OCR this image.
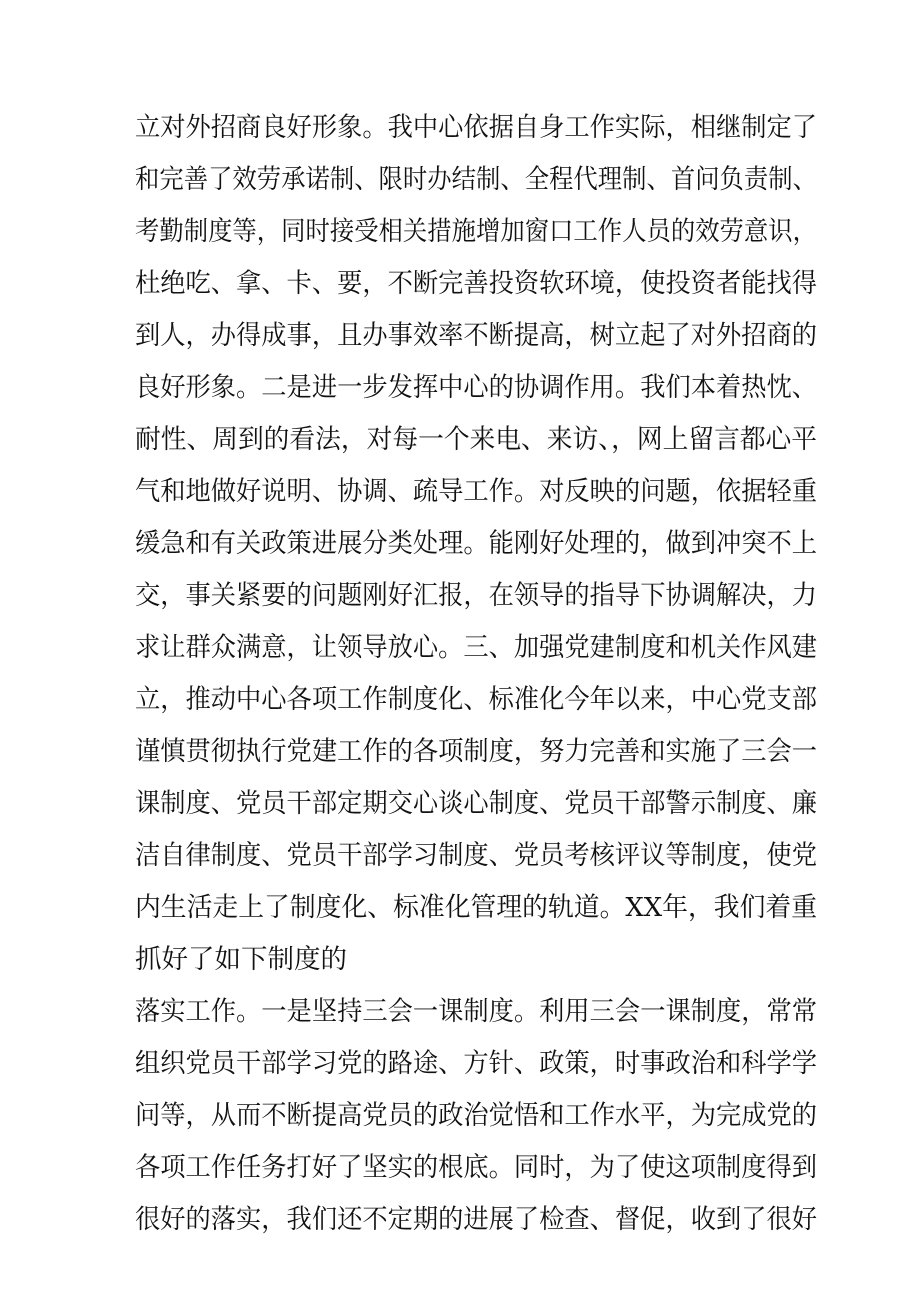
立对外招商良好形象。我中心依据自身工作实际，相继制定了
和完善了效劳承诺制、限时办结制、全程代理制、首问负责制、
考勤制度等，同时接受相关措施增加窗口工作人员的效劳意识，
杜绝吃、拿、卡、要，不断完善投资软环境，使投资者能找得
到人，办得成事，且办事效率不断提高，树立起了对外招商的
良好形象。二是进一步发挥中心的协调作用。我们本着热忱、
耐性、周到的看法，对每一个来电、来访、，网上留言都心平
气和地做好说明、协调、疏导工作。对反映的问题，依据轻重
缓急和有关政策进展分类处理。能刚好处理的，做到冲突不上
交，事关紧要的问题刚好汇报，在领导的指导下协调解决，力
求让群众满意，让领导放心。三、加强党建制度和机关作风建
立，推动中心各项工作制度化、标准化今年以来，中心党支部
谨慎贯彻执行党建工作的各项制度，努力完善和实施了三会一
课制度、党员干部定期交心谈心制度、党员干部警示制度、廉
洁自律制度、党员干部学习制度、党员考核评议等制度，使党
内生活走上了制度化、标准化管理的轨道。XX年，我们着重
抓好了如下制度的
落实工作。一是坚持三会一课制度。利用三会一课制度，常常
组织党员干部学习党的路途、方针、政策，时事政治和科学学
问等，从而不断提高党员的政治觉悟和工作水平，为完成党的
各项工作任务打好了坚实的根底。同时，为了使这项制度得到
很好的落实，我们还不定期的进展了检查、督促，收到了很好
